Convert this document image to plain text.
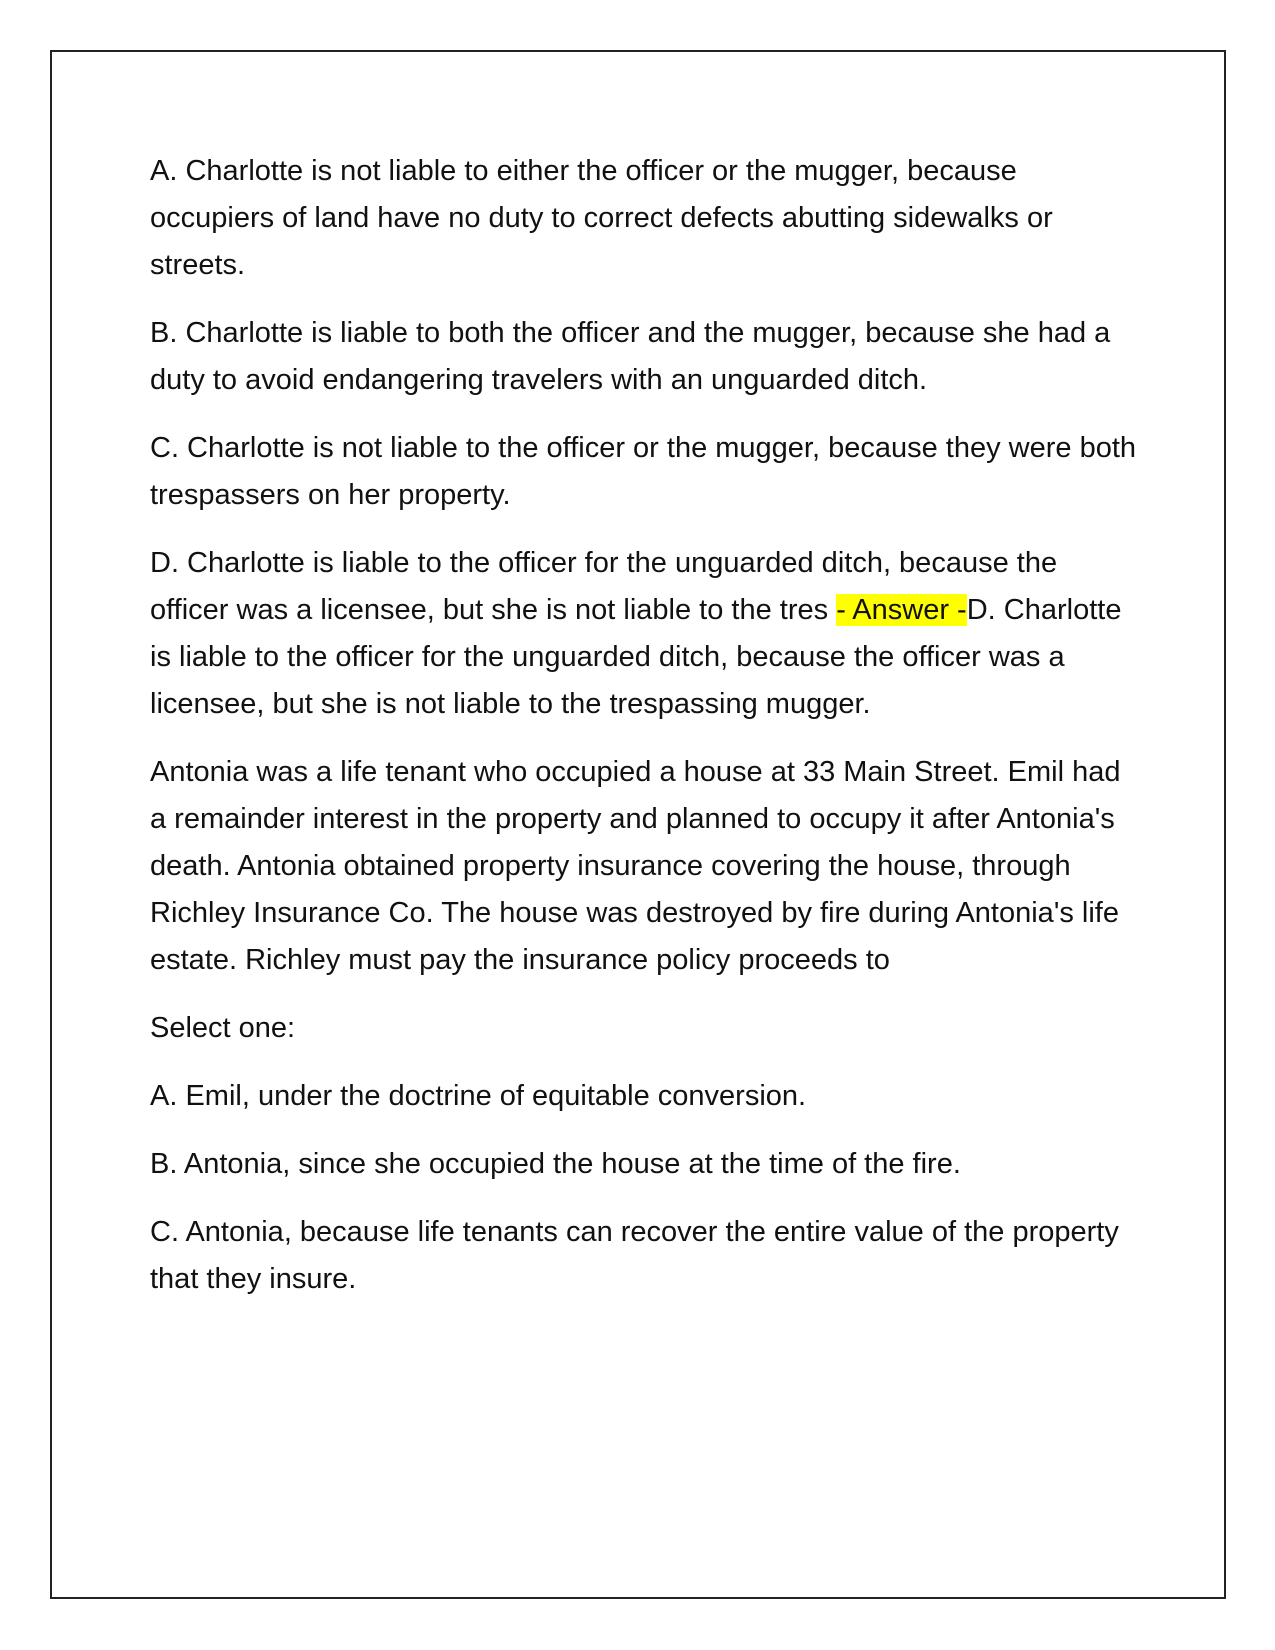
A. Charlotte is not liable to either the officer or the mugger, because occupiers of land have no duty to correct defects abutting sidewalks or streets.

B. Charlotte is liable to both the officer and the mugger, because she had a duty to avoid endangering travelers with an unguarded ditch.

C. Charlotte is not liable to the officer or the mugger, because they were both trespassers on her property.

D. Charlotte is liable to the officer for the unguarded ditch, because the officer was a licensee, but she is not liable to the tres - Answer -D. Charlotte is liable to the officer for the unguarded ditch, because the officer was a licensee, but she is not liable to the trespassing mugger.

Antonia was a life tenant who occupied a house at 33 Main Street. Emil had a remainder interest in the property and planned to occupy it after Antonia's death. Antonia obtained property insurance covering the house, through Richley Insurance Co. The house was destroyed by fire during Antonia's life estate. Richley must pay the insurance policy proceeds to

Select one:

A. Emil, under the doctrine of equitable conversion.

B. Antonia, since she occupied the house at the time of the fire.

C. Antonia, because life tenants can recover the entire value of the property that they insure.
